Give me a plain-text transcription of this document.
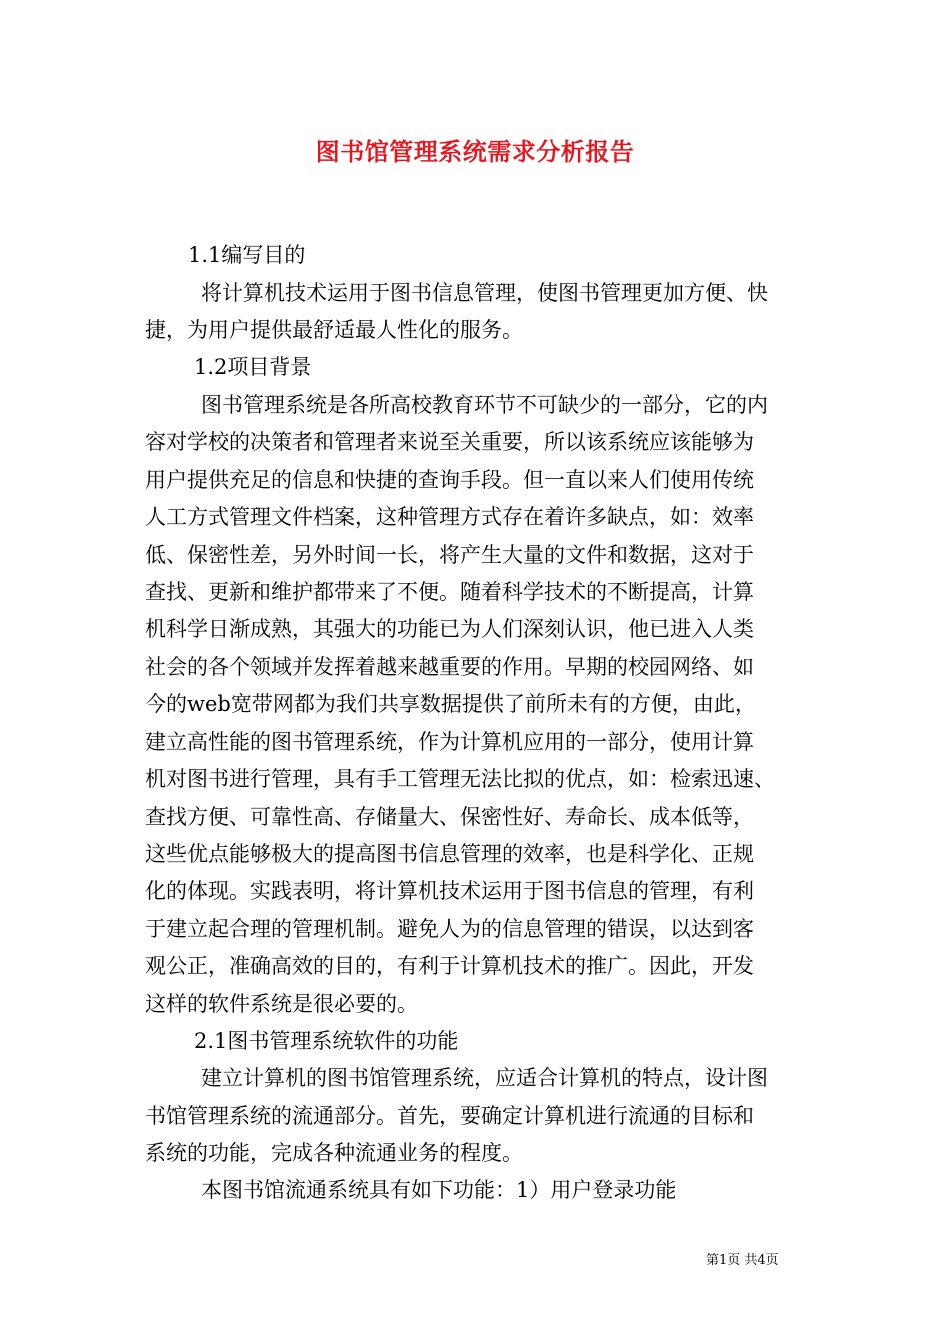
图书馆管理系统需求分析报告
1.1编写目的
将计算机技术运用于图书信息管理，使图书管理更加方便、快
捷，为用户提供最舒适最人性化的服务。
1.2项目背景
图书管理系统是各所高校教育环节不可缺少的一部分，它的内
容对学校的决策者和管理者来说至关重要，所以该系统应该能够为
用户提供充足的信息和快捷的查询手段。但一直以来人们使用传统
人工方式管理文件档案，这种管理方式存在着许多缺点，如：效率
低、保密性差，另外时间一长，将产生大量的文件和数据，这对于
查找、更新和维护都带来了不便。随着科学技术的不断提高，计算
机科学日渐成熟，其强大的功能已为人们深刻认识，他已进入人类
社会的各个领域并发挥着越来越重要的作用。早期的校园网络、如
今的web宽带网都为我们共享数据提供了前所未有的方便，由此，
建立高性能的图书管理系统，作为计算机应用的一部分，使用计算
机对图书进行管理，具有手工管理无法比拟的优点，如：检索迅速、
查找方便、可靠性高、存储量大、保密性好、寿命长、成本低等，
这些优点能够极大的提高图书信息管理的效率，也是科学化、正规
化的体现。实践表明，将计算机技术运用于图书信息的管理，有利
于建立起合理的管理机制。避免人为的信息管理的错误，以达到客
观公正，准确高效的目的，有利于计算机技术的推广。因此，开发
这样的软件系统是很必要的。
2.1图书管理系统软件的功能
建立计算机的图书馆管理系统，应适合计算机的特点，设计图
书馆管理系统的流通部分。首先，要确定计算机进行流通的目标和
系统的功能，完成各种流通业务的程度。
本图书馆流通系统具有如下功能：1）用户登录功能
第1页 共4页
